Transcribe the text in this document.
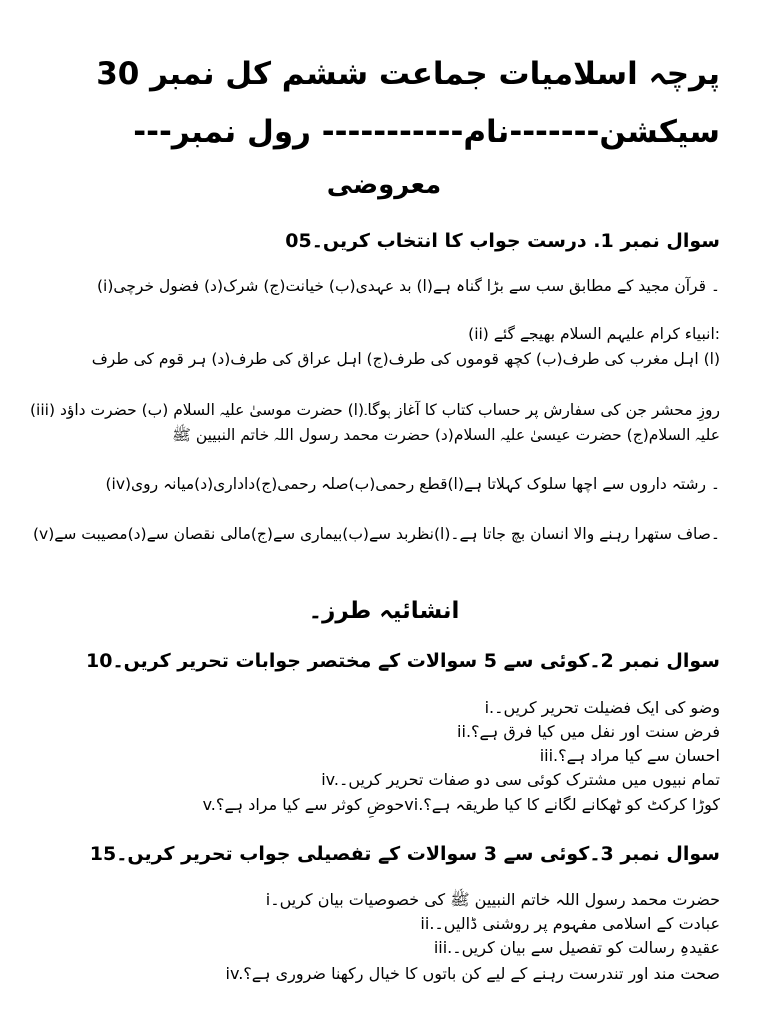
پرچہ اسلامیات جماعت ششم کل نمبر 30
سیکشن-------نام----------- رول نمبر---
معروضی
سوال نمبر 1. درست جواب کا انتخاب کریں۔05
(i)۔ قرآن مجید کے مطابق سب سے بڑا گناہ ہے(ا) بد عہدی(ب) خیانت(ج) شرک(د) فضول خرچی
(ii) انبیاء کرام علیہم السلام بھیجے گئے:
(ا) اہل مغرب کی طرف(ب) کچھ قوموں کی طرف(ج) اہل عراق کی طرف(د) ہر قوم کی طرف
(iii) روزِ محشر جن کی سفارش پر حساب کتاب کا آغاز ہوگا۔(ا) حضرت موسیٰ علیہ السلام (ب) حضرت داؤد علیہ السلام(ج) حضرت عیسیٰ علیہ السلام(د) حضرت محمد رسول اللہ خاتم النبیین ﷺ
(iv)۔ رشتہ داروں سے اچھا سلوک کہلاتا ہے(ا)قطع رحمی(ب)صلہ رحمی(ج)داداری(د)میانہ روی
(v)۔صاف ستھرا رہنے والا انسان بچ جاتا ہے۔(ا)نظربد سے(ب)بیماری سے(ج)مالی نقصان سے(د)مصیبت سے
انشائیہ طرز۔
سوال نمبر 2۔کوئی سے 5 سوالات کے مختصر جوابات تحریر کریں۔10
i.وضو کی ایک فضیلت تحریر کریں۔
ii.فرض سنت اور نفل میں کیا فرق ہے؟
iii.احسان سے کیا مراد ہے؟
iv.تمام نبیوں میں مشترک کوئی سی دو صفات تحریر کریں۔
v.حوضِ کوثر سے کیا مراد ہے؟vi.کوڑا کرکٹ کو ٹھکانے لگانے کا کیا طریقہ ہے؟
سوال نمبر 3۔کوئی سے 3 سوالات کے تفصیلی جواب تحریر کریں۔15
iحضرت محمد رسول اللہ خاتم النبیین ﷺ کی خصوصیات بیان کریں۔
ii.عبادت کے اسلامی مفہوم پر روشنی ڈالیں۔
iii.عقیدہِ رسالت کو تفصیل سے بیان کریں۔
iv.صحت مند اور تندرست رہنے کے لیے کن باتوں کا خیال رکھنا ضروری ہے؟
